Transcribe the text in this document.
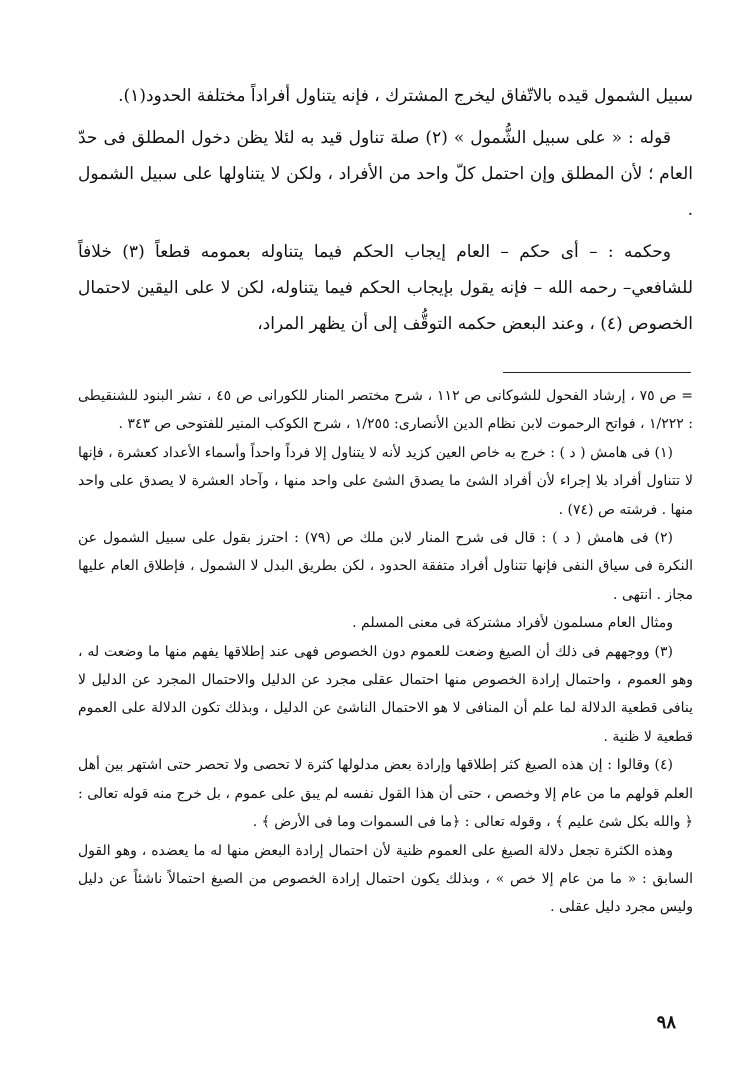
سبيل الشمول قيده بالاتّفاق ليخرج المشترك ، فإنه يتناول أفراداً مختلفة الحدود(١).

قوله : « على سبيل الشُّمول » (٢) صلة تناول قيد به لئلا يظن دخول المطلق فى حدّ العام ؛ لأن المطلق وإن احتمل كلّ واحد من الأفراد ، ولكن لا يتناولها على سبيل الشمول .

وحكمه : – أى حكم – العام إيجاب الحكم فيما يتناوله بعمومه قطعاً (٣) خلافاً للشافعي– رحمه الله – فإنه يقول بإيجاب الحكم فيما يتناوله، لكن لا على اليقين لاحتمال الخصوص (٤) ، وعند البعض حكمه التوقُّف إلى أن يظهر المراد،

= ص ٧٥ ، إرشاد الفحول للشوكانى ص ١١٢ ، شرح مختصر المنار للكورانى ص ٤٥ ، نشر البنود للشنقيطى : ١/٢٢٢ ، فواتح الرحموت لابن نظام الدين الأنصارى: ١/٢٥٥ ، شرح الكوكب المنير للفتوحى ص ٣٤٣ .

(١) فى هامش ( د ) : خرج به خاص العين كزيد لأنه لا يتناول إلا فرداً واحداً وأسماء الأعداد كعشرة ، فإنها لا تتناول أفراد بلا إجراء لأن أفراد الشئ ما يصدق الشئ على واحد منها ، وآحاد العشرة لا يصدق على واحد منها . فرشته ص (٧٤) .

(٢) فى هامش ( د ) : قال فى شرح المنار لابن ملك ص (٧٩) : احترز بقول على سبيل الشمول عن النكرة فى سياق النفى فإنها تتناول أفراد متفقة الحدود ، لكن بطريق البدل لا الشمول ، فإطلاق العام عليها مجاز . انتهى .

ومثال العام مسلمون لأفراد مشتركة فى معنى المسلم .

(٣) ووجههم فى ذلك أن الصيغ وضعت للعموم دون الخصوص فهى عند إطلاقها يفهم منها ما وضعت له ، وهو العموم ، واحتمال إرادة الخصوص منها احتمال عقلى مجرد عن الدليل والاحتمال المجرد عن الدليل لا ينافى قطعية الدلالة لما علم أن المنافى لا هو الاحتمال الناشئ عن الدليل ، وبذلك تكون الدلالة على العموم قطعية لا ظنية .

(٤) وقالوا : إن هذه الصيغ كثر إطلاقها وإرادة بعض مدلولها كثرة لا تحصى ولا تحصر حتى اشتهر بين أهل العلم قولهم ما من عام إلا وخصص ، حتى أن هذا القول نفسه لم يبق على عموم ، بل خرج منه قوله تعالى : ﴿ والله بكل شئ عليم ﴾ ، وقوله تعالى : ﴿ما فى السموات وما فى الأرض ﴾ .

وهذه الكثرة تجعل دلالة الصيغ على العموم ظنية لأن احتمال إرادة البعض منها له ما يعضده ، وهو القول السابق : « ما من عام إلا خص » ، وبذلك يكون احتمال إرادة الخصوص من الصيغ احتمالاً ناشئاً عن دليل وليس مجرد دليل عقلى .

٩٨
